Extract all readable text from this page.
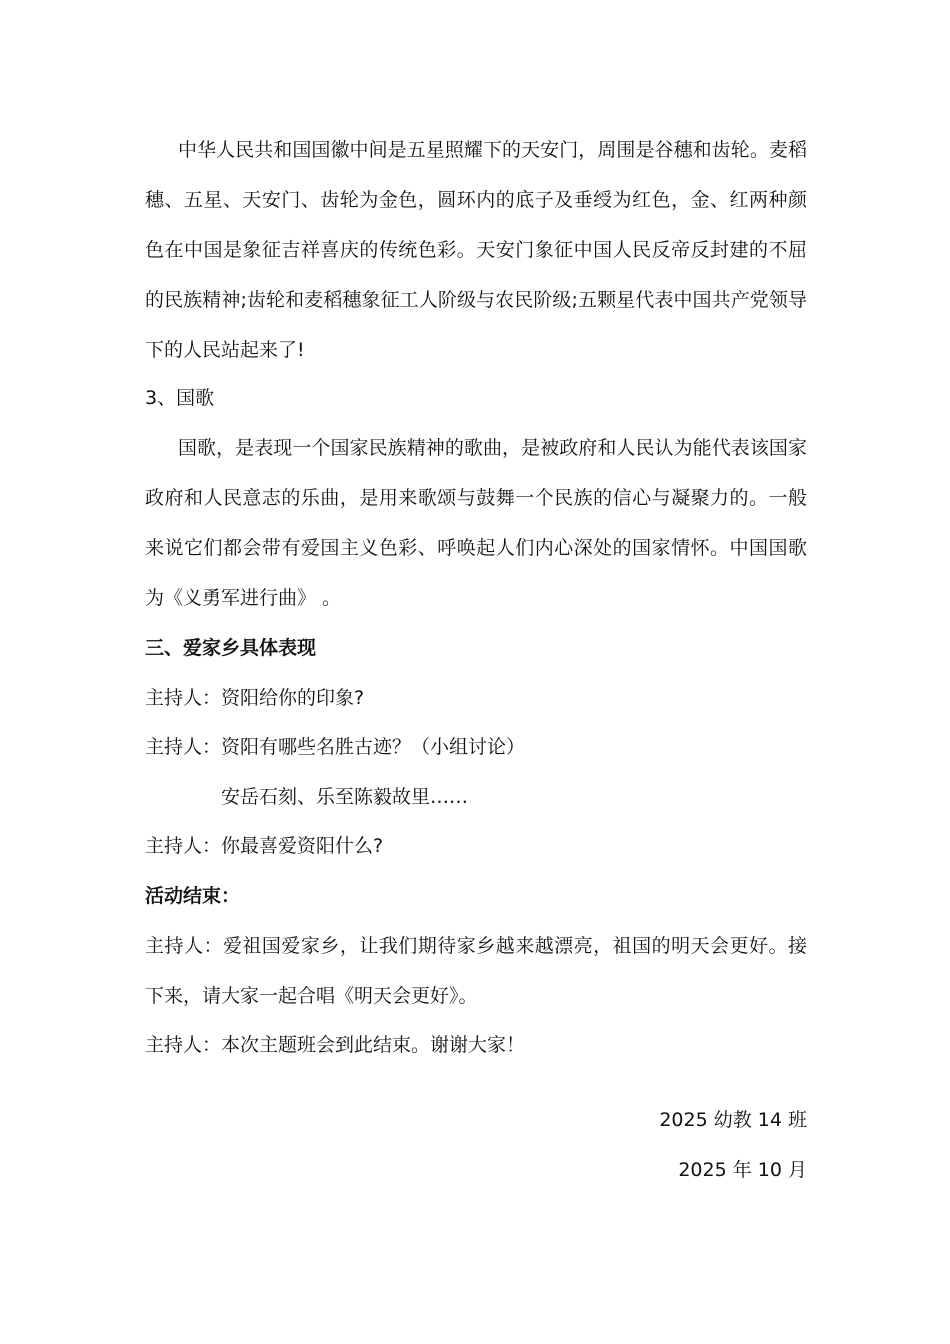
中华人民共和国国徽中间是五星照耀下的天安门，周围是谷穗和齿轮。麦稻穗、五星、天安门、齿轮为金色，圆环内的底子及垂绶为红色，金、红两种颜色在中国是象征吉祥喜庆的传统色彩。天安门象征中国人民反帝反封建的不屈的民族精神;齿轮和麦稻穗象征工人阶级与农民阶级;五颗星代表中国共产党领导下的人民站起来了!

3、国歌

国歌，是表现一个国家民族精神的歌曲，是被政府和人民认为能代表该国家政府和人民意志的乐曲，是用来歌颂与鼓舞一个民族的信心与凝聚力的。一般来说它们都会带有爱国主义色彩、呼唤起人们内心深处的国家情怀。中国国歌为《义勇军进行曲》 。

三、爱家乡具体表现
主持人：资阳给你的印象?
主持人：资阳有哪些名胜古迹？（小组讨论）
安岳石刻、乐至陈毅故里……
主持人：你最喜爱资阳什么?
活动结束：

主持人：爱祖国爱家乡，让我们期待家乡越来越漂亮，祖国的明天会更好。接下来，请大家一起合唱《明天会更好》。

主持人：本次主题班会到此结束。谢谢大家！
2025 幼教 14 班
2025 年 10 月
